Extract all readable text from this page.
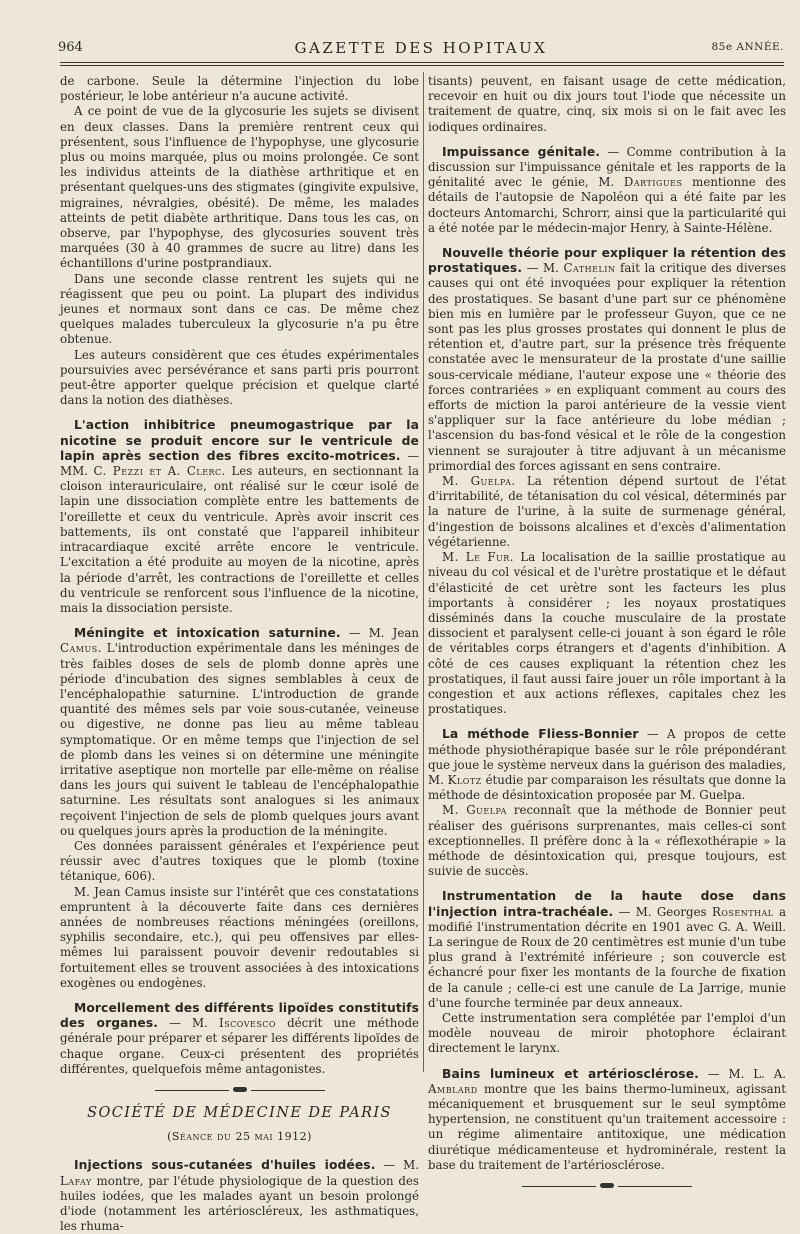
964	GAZETTE DES HOPITAUX	85e ANNÉE.

de carbone. Seule la détermine l'injection du lobe postérieur, le lobe antérieur n'a aucune activité.

A ce point de vue de la glycosurie les sujets se divisent en deux classes. Dans la première rentrent ceux qui présentent, sous l'influence de l'hypophyse, une glycosurie plus ou moins marquée, plus ou moins prolongée. Ce sont les individus atteints de la diathèse arthritique et en présentant quelques-uns des stigmates (gingivite expulsive, migraines, névralgies, obésité). De même, les malades atteints de petit diabète arthritique. Dans tous les cas, on observe, par l'hypophyse, des glycosuries souvent très marquées (30 à 40 grammes de sucre au litre) dans les échantillons d'urine postprandiaux.

Dans une seconde classe rentrent les sujets qui ne réagissent que peu ou point. La plupart des individus jeunes et normaux sont dans ce cas. De même chez quelques malades tuberculeux la glycosurie n'a pu être obtenue.

Les auteurs considèrent que ces études expérimentales poursuivies avec persévérance et sans parti pris pourront peut-être apporter quelque précision et quelque clarté dans la notion des diathèses.

L'action inhibitrice pneumogastrique par la nicotine se produit encore sur le ventricule de lapin après section des fibres excito-motrices. — MM. C. Pezzi et A. Clerc. Les auteurs, en sectionnant la cloison interauriculaire, ont réalisé sur le cœur isolé de lapin une dissociation complète entre les battements de l'oreillette et ceux du ventricule. Après avoir inscrit ces battements, ils ont constaté que l'appareil inhibiteur intracardiaque excité arrête encore le ventricule. L'excitation a été produite au moyen de la nicotine, après la période d'arrêt, les contractions de l'oreillette et celles du ventricule se renforcent sous l'influence de la nicotine, mais la dissociation persiste.

Méningite et intoxication saturnine. — M. Jean Camus. L'introduction expérimentale dans les méninges de très faibles doses de sels de plomb donne après une période d'incubation des signes semblables à ceux de l'encéphalopathie saturnine. L'introduction de grande quantité des mêmes sels par voie sous-cutanée, veineuse ou digestive, ne donne pas lieu au même tableau symptomatique. Or en même temps que l'injection de sel de plomb dans les veines si on détermine une méningite irritative aseptique non mortelle par elle-même on réalise dans les jours qui suivent le tableau de l'encéphalopathie saturnine. Les résultats sont analogues si les animaux reçoivent l'injection de sels de plomb quelques jours avant ou quelques jours après la production de la méningite.

Ces données paraissent générales et l'expérience peut réussir avec d'autres toxiques que le plomb (toxine tétanique, 606).

M. Jean Camus insiste sur l'intérêt que ces constatations empruntent à la découverte faite dans ces dernières années de nombreuses réactions méningées (oreillons, syphilis secondaire, etc.), qui peu offensives par elles-mêmes lui paraissent pouvoir devenir redoutables si fortuitement elles se trouvent associées à des intoxications exogènes ou endogènes.

Morcellement des différents lipoïdes constitutifs des organes. — M. Iscovesco décrit une méthode générale pour préparer et séparer les différents lipoïdes de chaque organe. Ceux-ci présentent des propriétés différentes, quelquefois même antagonistes.

SOCIÉTÉ DE MÉDECINE DE PARIS
(Séance du 25 mai 1912)

Injections sous-cutanées d'huiles iodées. — M. Lafay montre, par l'étude physiologique de la question des huiles iodées, que les malades ayant un besoin prolongé d'iode (notamment les artérioscléreux, les asthmatiques, les rhuma-

tisants) peuvent, en faisant usage de cette médication, recevoir en huit ou dix jours tout l'iode que nécessite un traitement de quatre, cinq, six mois si on le fait avec les iodiques ordinaires.

Impuissance génitale. — Comme contribution à la discussion sur l'impuissance génitale et les rapports de la génitalité avec le génie, M. Dartigues mentionne des détails de l'autopsie de Napoléon qui a été faite par les docteurs Antomarchi, Schrorr, ainsi que la particularité qui a été notée par le médecin-major Henry, à Sainte-Hélène.

Nouvelle théorie pour expliquer la rétention des prostatiques. — M. Cathelin fait la critique des diverses causes qui ont été invoquées pour expliquer la rétention des prostatiques. Se basant d'une part sur ce phénomène bien mis en lumière par le professeur Guyon, que ce ne sont pas les plus grosses prostates qui donnent le plus de rétention et, d'autre part, sur la présence très fréquente constatée avec le mensurateur de la prostate d'une saillie sous-cervicale médiane, l'auteur expose une « théorie des forces contrariées » en expliquant comment au cours des efforts de miction la paroi antérieure de la vessie vient s'appliquer sur la face antérieure du lobe médian ; l'ascension du bas-fond vésical et le rôle de la congestion viennent se surajouter à titre adjuvant à un mécanisme primordial des forces agissant en sens contraire.

M. Guelpa. La rétention dépend surtout de l'état d'irritabilité, de tétanisation du col vésical, déterminés par la nature de l'urine, à la suite de surmenage général, d'ingestion de boissons alcalines et d'excès d'alimentation végétarienne.

M. Le Fur. La localisation de la saillie prostatique au niveau du col vésical et de l'urètre prostatique et le défaut d'élasticité de cet urètre sont les facteurs les plus importants à considérer ; les noyaux prostatiques disséminés dans la couche musculaire de la prostate dissocient et paralysent celle-ci jouant à son égard le rôle de véritables corps étrangers et d'agents d'inhibition. A côté de ces causes expliquant la rétention chez les prostatiques, il faut aussi faire jouer un rôle important à la congestion et aux actions réflexes, capitales chez les prostatiques.

La méthode Fliess-Bonnier — A propos de cette méthode physiothérapique basée sur le rôle prépondérant que joue le système nerveux dans la guérison des maladies, M. Klotz étudie par comparaison les résultats que donne la méthode de désintoxication proposée par M. Guelpa.

M. Guelpa reconnaît que la méthode de Bonnier peut réaliser des guérisons surprenantes, mais celles-ci sont exceptionnelles. Il préfère donc à la « réflexothérapie » la méthode de désintoxication qui, presque toujours, est suivie de succès.

Instrumentation de la haute dose dans l'injection intra-trachéale. — M. Georges Rosenthal a modifié l'instrumentation décrite en 1901 avec G. A. Weill. La seringue de Roux de 20 centimètres est munie d'un tube plus grand à l'extrémité inférieure ; son couvercle est échancré pour fixer les montants de la fourche de fixation de la canule ; celle-ci est une canule de La Jarrige, munie d'une fourche terminée par deux anneaux.

Cette instrumentation sera complétée par l'emploi d'un modèle nouveau de miroir photophore éclairant directement le larynx.

Bains lumineux et artériosclérose. — M. L. A. Amblard montre que les bains thermo-lumineux, agissant mécaniquement et brusquement sur le seul symptôme hypertension, ne constituent qu'un traitement accessoire : un régime alimentaire antitoxique, une médication diurétique médicamenteuse et hydrominérale, restent la base du traitement de l'artériosclérose.
